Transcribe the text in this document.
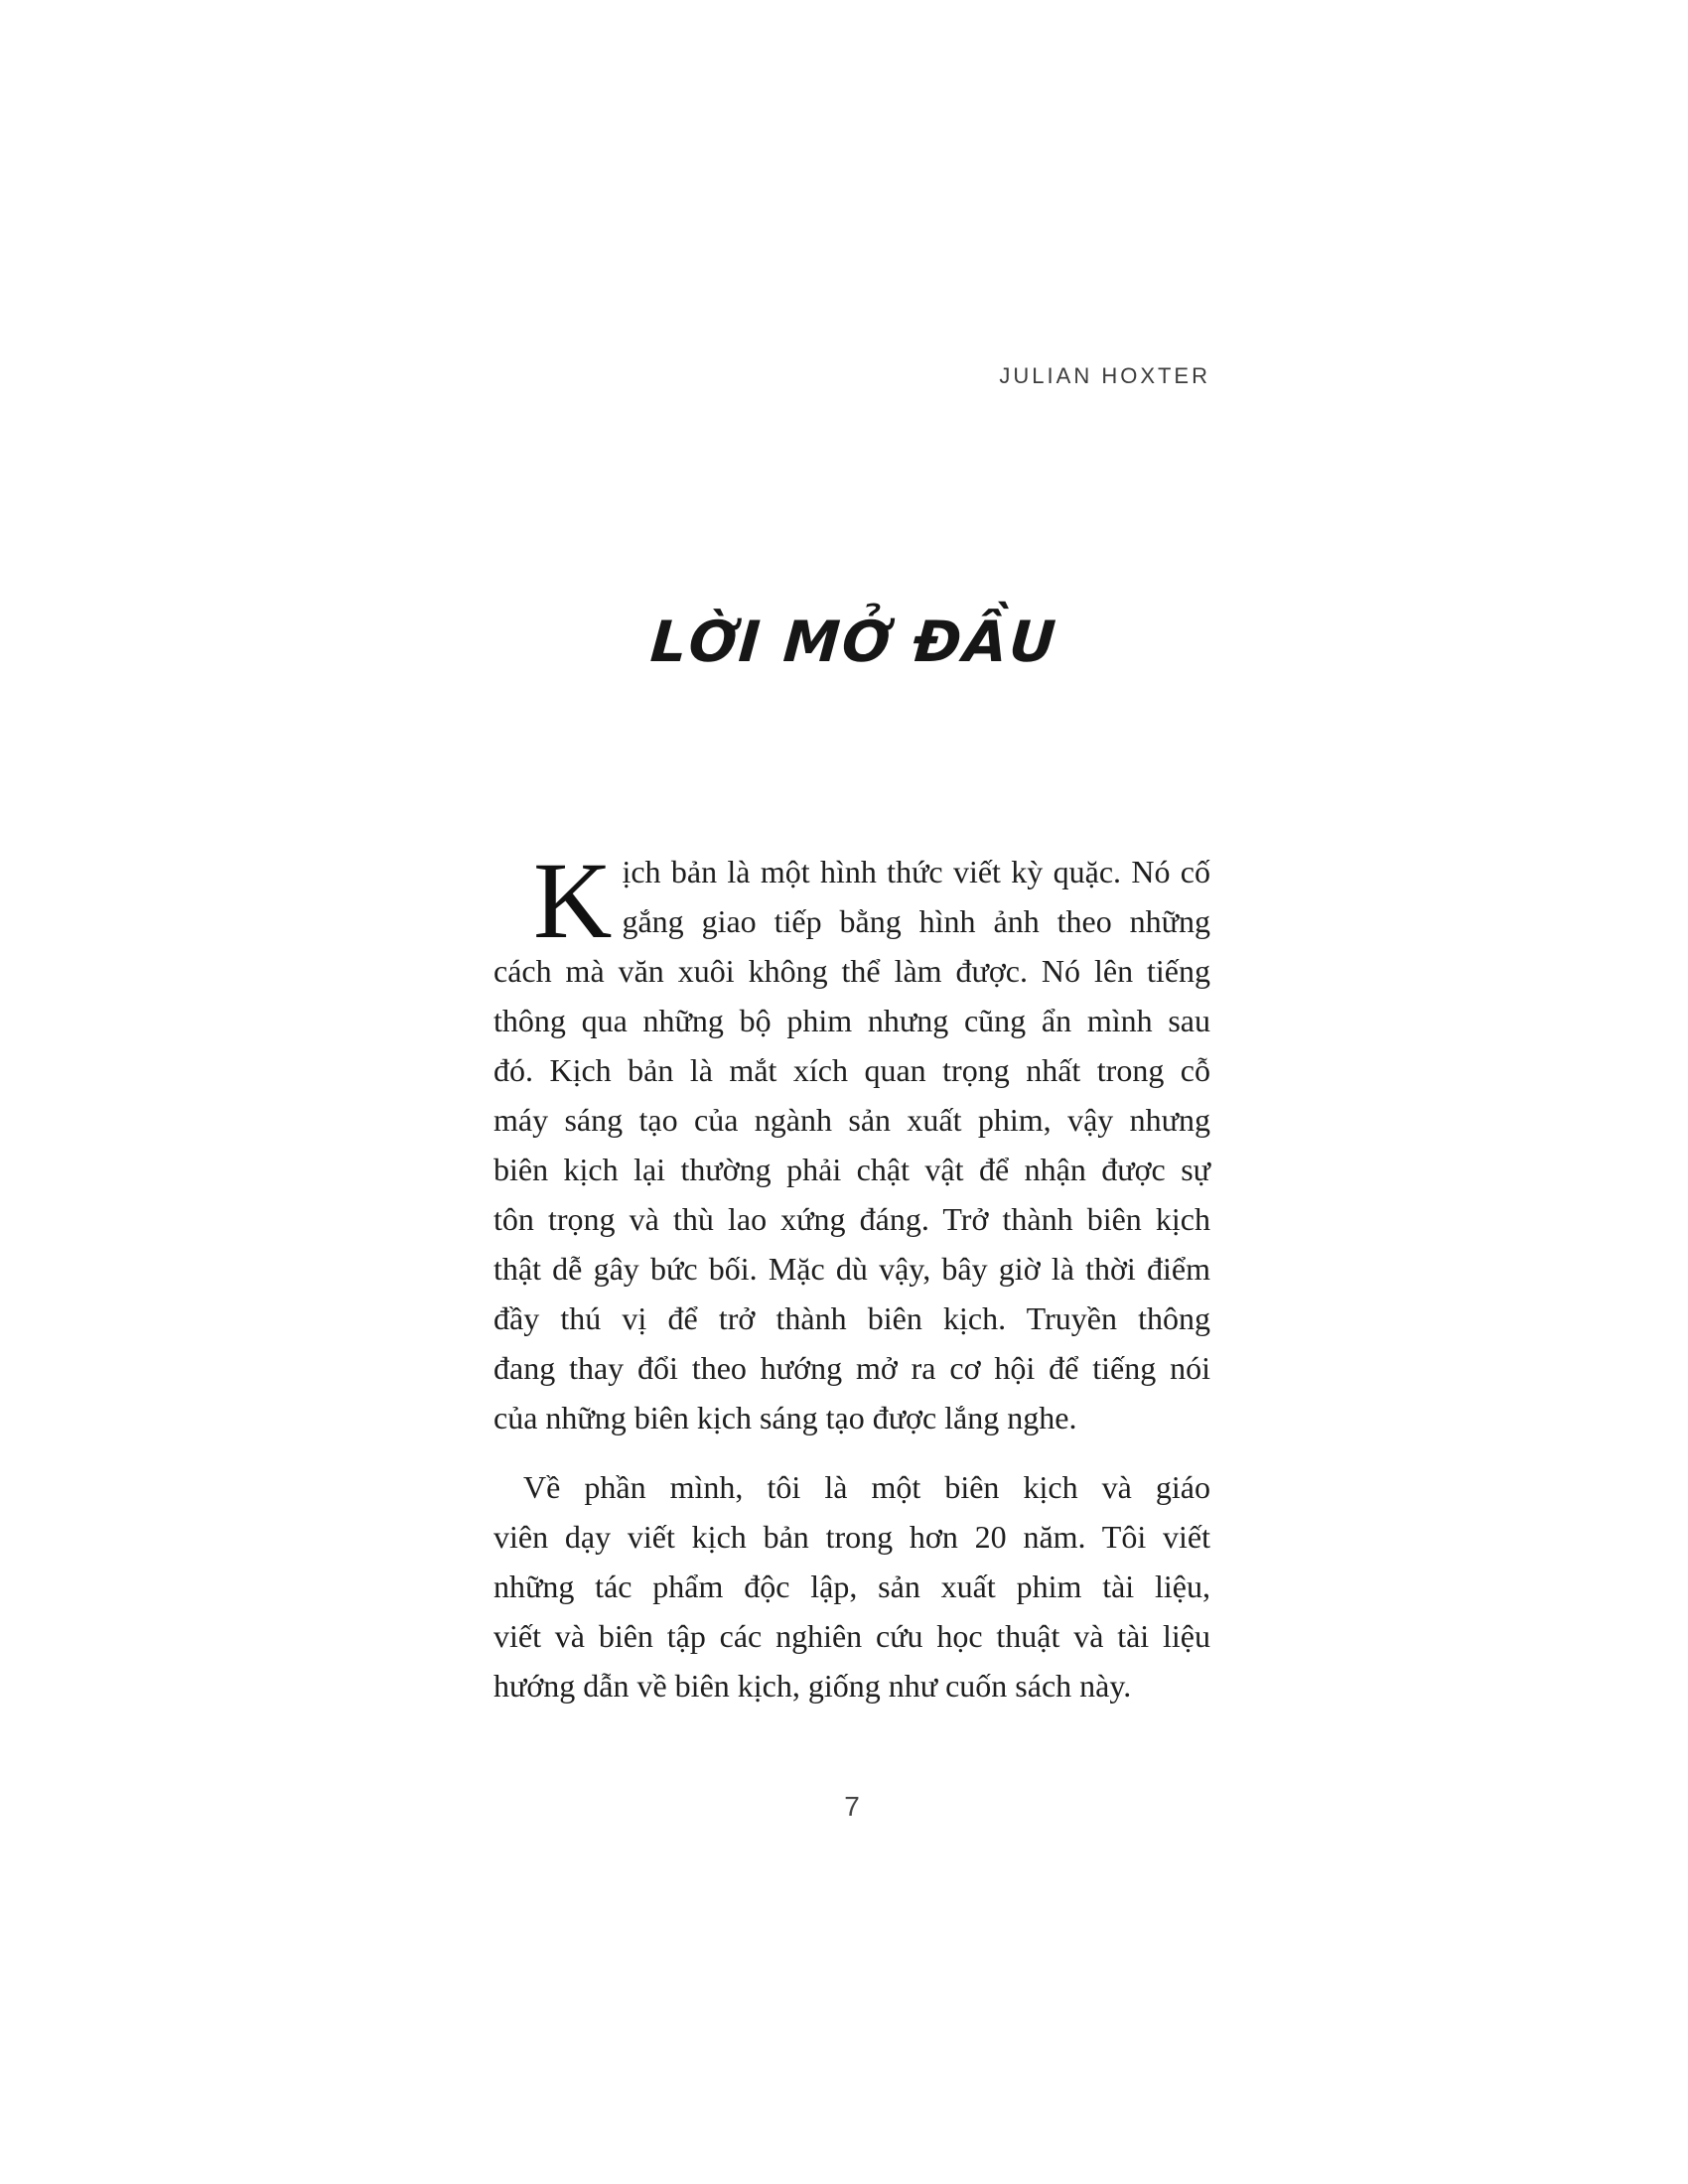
JULIAN HOXTER
LỜI MỞ ĐẦU
K ịch bản là một hình thức viết kỳ quặc. Nó cố
gắng giao tiếp bằng hình ảnh theo những
cách mà văn xuôi không thể làm được. Nó lên tiếng
thông qua những bộ phim nhưng cũng ẩn mình sau
đó. Kịch bản là mắt xích quan trọng nhất trong cỗ
máy sáng tạo của ngành sản xuất phim, vậy nhưng
biên kịch lại thường phải chật vật để nhận được sự
tôn trọng và thù lao xứng đáng. Trở thành biên kịch
thật dễ gây bức bối. Mặc dù vậy, bây giờ là thời điểm
đầy thú vị để trở thành biên kịch. Truyền thông
đang thay đổi theo hướng mở ra cơ hội để tiếng nói
của những biên kịch sáng tạo được lắng nghe.
Về phần mình, tôi là một biên kịch và giáo
viên dạy viết kịch bản trong hơn 20 năm. Tôi viết
những tác phẩm độc lập, sản xuất phim tài liệu,
viết và biên tập các nghiên cứu học thuật và tài liệu
hướng dẫn về biên kịch, giống như cuốn sách này.
7
